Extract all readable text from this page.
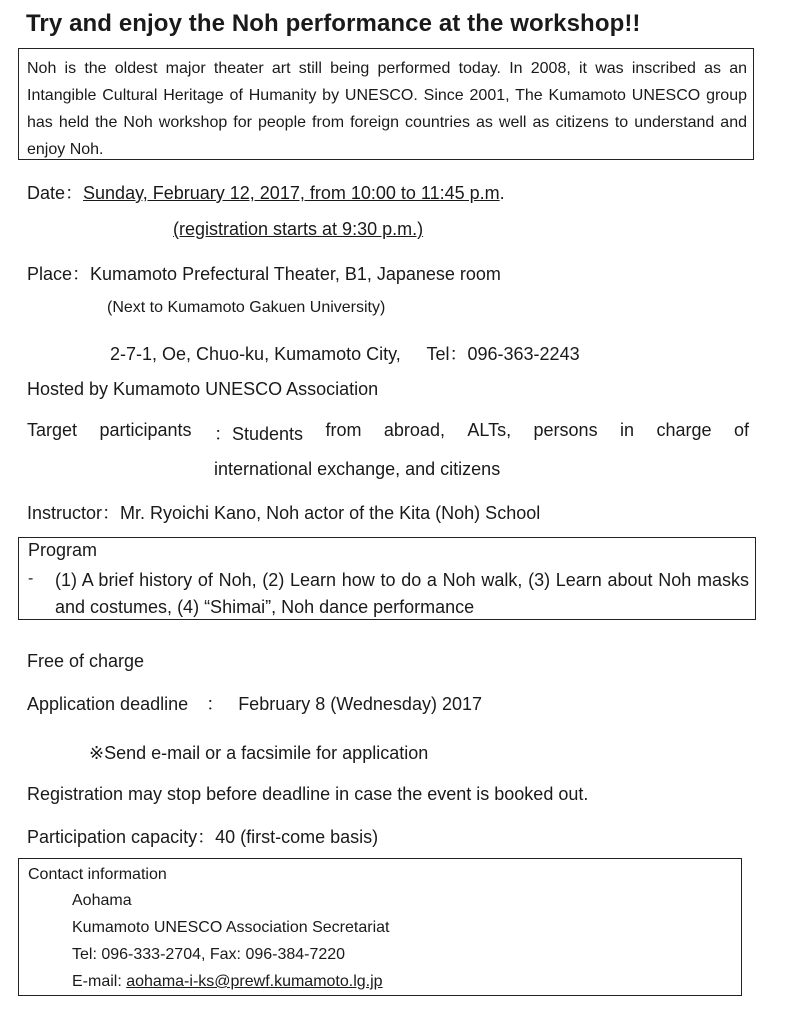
Try and enjoy the Noh performance at the workshop!!
Noh is the oldest major theater art still being performed today. In 2008, it was inscribed as an Intangible Cultural Heritage of Humanity by UNESCO. Since 2001, The Kumamoto UNESCO group has held the Noh workshop for people from foreign countries as well as citizens to understand and enjoy Noh.
Date：Sunday, February 12, 2017, from 10:00 to 11:45 p.m.
(registration starts at 9:30 p.m.)
Place：Kumamoto Prefectural Theater, B1, Japanese room
(Next to Kumamoto Gakuen University)
2-7-1, Oe, Chuo-ku, Kumamoto City, Tel：096-363-2243
Hosted by Kumamoto UNESCO Association
Target participants ：Students from abroad, ALTs, persons in charge of
international exchange, and citizens
Instructor：Mr. Ryoichi Kano, Noh actor of the Kita (Noh) School
Program
- (1) A brief history of Noh, (2) Learn how to do a Noh walk, (3) Learn about Noh masks and costumes, (4) “Shimai”, Noh dance performance
Free of charge
Application deadline ： February 8 (Wednesday) 2017
※Send e-mail or a facsimile for application
Registration may stop before deadline in case the event is booked out.
Participation capacity：40 (first-come basis)
Contact information
Aohama
Kumamoto UNESCO Association Secretariat
Tel: 096-333-2704, Fax: 096-384-7220
E-mail: aohama-i-ks@prewf.kumamoto.lg.jp
